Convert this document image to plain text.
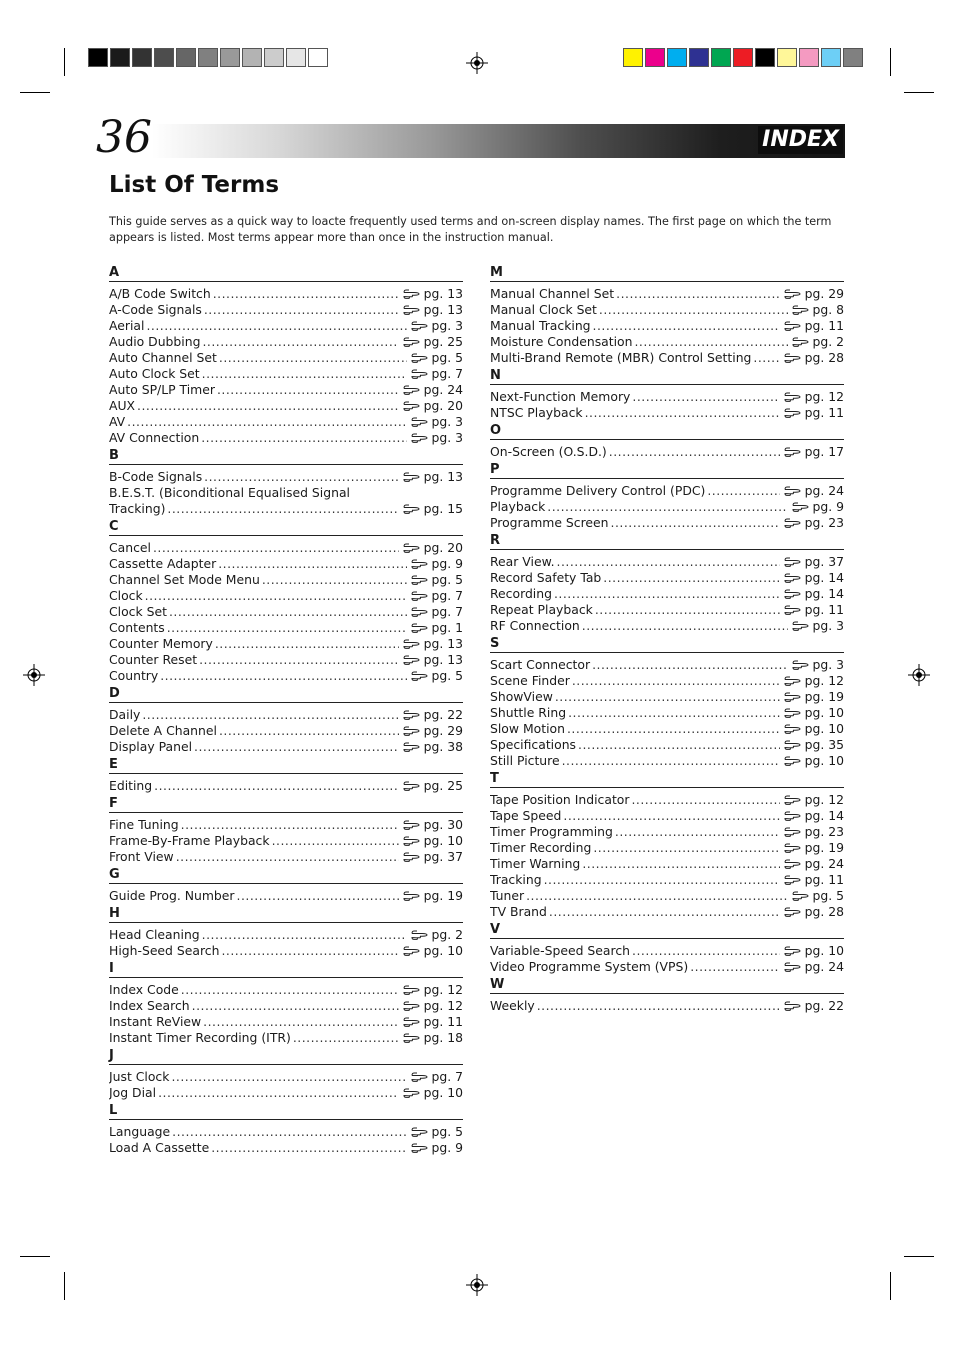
36	INDEX
List Of Terms
This guide serves as a quick way to loacte frequently used terms and on-screen display names. The first page on which the term appears is listed. Most terms appear more than once in the instruction manual.
A
A/B Code Switch .....	pg. 13
A-Code Signals .....	pg. 13
Aerial .....	pg. 3
Audio Dubbing .....	pg. 25
Auto Channel Set .....	pg. 5
Auto Clock Set .....	pg. 7
Auto SP/LP Timer .....	pg. 24
AUX .....	pg. 20
AV .....	pg. 3
AV Connection .....	pg. 3
B
B-Code Signals .....	pg. 13
B.E.S.T. (Biconditional Equalised Signal
Tracking) .....	pg. 15
C
Cancel .....	pg. 20
Cassette Adapter .....	pg. 9
Channel Set Mode Menu .....	pg. 5
Clock .....	pg. 7
Clock Set .....	pg. 7
Contents .....	pg. 1
Counter Memory .....	pg. 13
Counter Reset .....	pg. 13
Country .....	pg. 5
D
Daily .....	pg. 22
Delete A Channel .....	pg. 29
Display Panel .....	pg. 38
E
Editing .....	pg. 25
F
Fine Tuning .....	pg. 30
Frame-By-Frame Playback .....	pg. 10
Front View .....	pg. 37
G
Guide Prog. Number .....	pg. 19
H
Head Cleaning .....	pg. 2
High-Seed Search .....	pg. 10
I
Index Code .....	pg. 12
Index Search .....	pg. 12
Instant ReView .....	pg. 11
Instant Timer Recording (ITR) .....	pg. 18
J
Just Clock .....	pg. 7
Jog Dial .....	pg. 10
L
Language .....	pg. 5
Load A Cassette .....	pg. 9
M
Manual Channel Set .....	pg. 29
Manual Clock Set .....	pg. 8
Manual Tracking .....	pg. 11
Moisture Condensation .....	pg. 2
Multi-Brand Remote (MBR) Control Setting .....	pg. 28
N
Next-Function Memory .....	pg. 12
NTSC Playback .....	pg. 11
O
On-Screen (O.S.D.) .....	pg. 17
P
Programme Delivery Control (PDC) .....	pg. 24
Playback .....	pg. 9
Programme Screen .....	pg. 23
R
Rear View. .....	pg. 37
Record Safety Tab .....	pg. 14
Recording .....	pg. 14
Repeat Playback .....	pg. 11
RF Connection .....	pg. 3
S
Scart Connector .....	pg. 3
Scene Finder .....	pg. 12
ShowView .....	pg. 19
Shuttle Ring .....	pg. 10
Slow Motion .....	pg. 10
Specifications .....	pg. 35
Still Picture .....	pg. 10
T
Tape Position Indicator .....	pg. 12
Tape Speed .....	pg. 14
Timer Programming .....	pg. 23
Timer Recording .....	pg. 19
Timer Warning .....	pg. 24
Tracking .....	pg. 11
Tuner .....	pg. 5
TV Brand .....	pg. 28
V
Variable-Speed Search .....	pg. 10
Video Programme System (VPS) .....	pg. 24
W
Weekly .....	pg. 22
